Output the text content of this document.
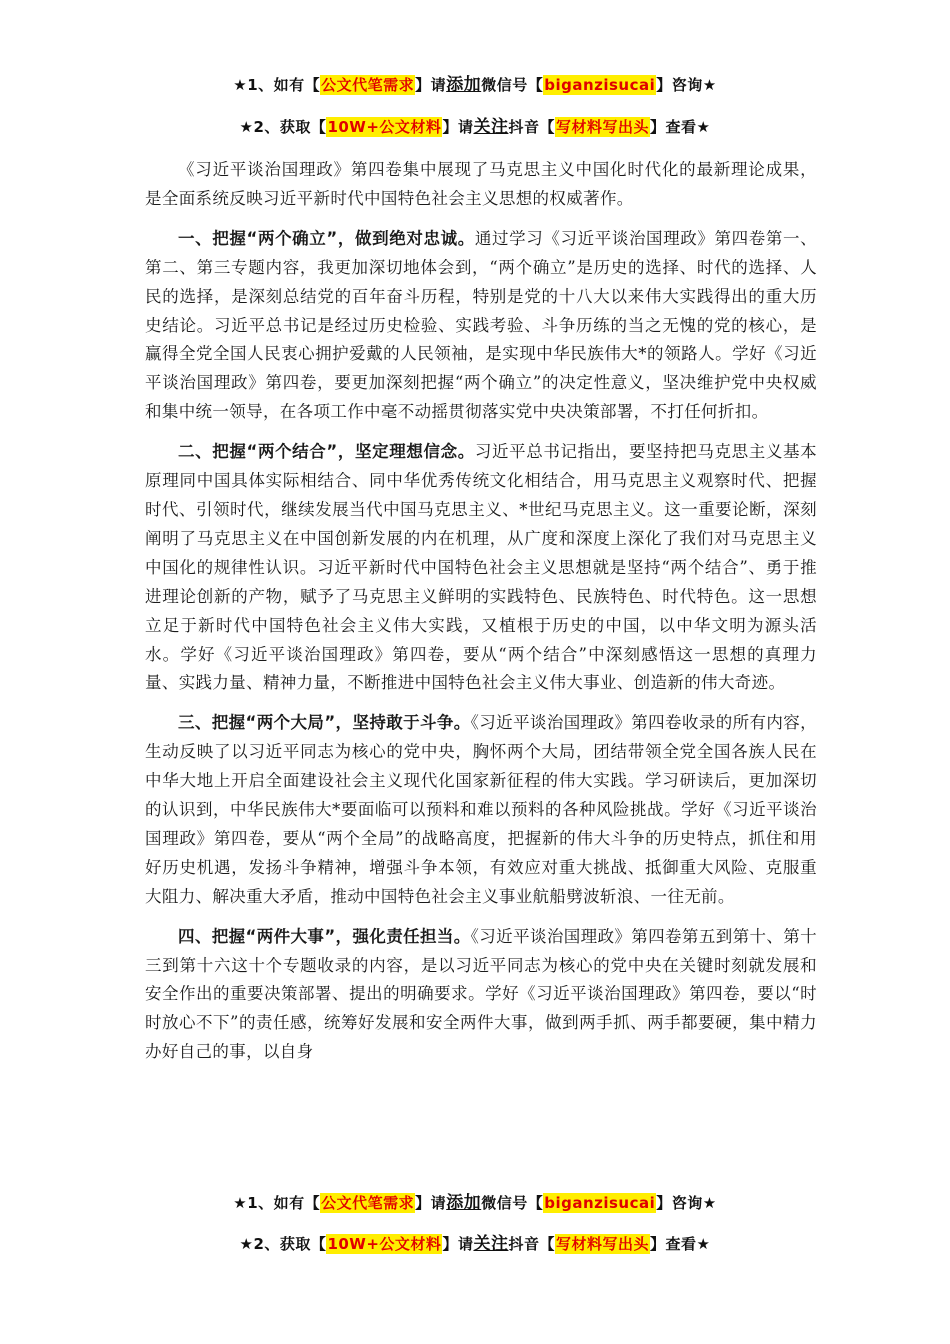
★1、如有【公文代笔需求】请添加微信号【biganzisucai】咨询★
★2、获取【10W+公文材料】请关注抖音【写材料写出头】查看★

《习近平谈治国理政》第四卷集中展现了马克思主义中国化时代化的最新理论成果，是全面系统反映习近平新时代中国特色社会主义思想的权威著作。

一、把握“两个确立”，做到绝对忠诚。通过学习《习近平谈治国理政》第四卷第一、第二、第三专题内容，我更加深切地体会到，“两个确立”是历史的选择、时代的选择、人民的选择，是深刻总结党的百年奋斗历程，特别是党的十八大以来伟大实践得出的重大历史结论。习近平总书记是经过历史检验、实践考验、斗争历练的当之无愧的党的核心，是赢得全党全国人民衷心拥护爱戴的人民领袖，是实现中华民族伟大*的领路人。学好《习近平谈治国理政》第四卷，要更加深刻把握“两个确立”的决定性意义，坚决维护党中央权威和集中统一领导，在各项工作中毫不动摇贯彻落实党中央决策部署，不打任何折扣。

二、把握“两个结合”，坚定理想信念。习近平总书记指出，要坚持把马克思主义基本原理同中国具体实际相结合、同中华优秀传统文化相结合，用马克思主义观察时代、把握时代、引领时代，继续发展当代中国马克思主义、*世纪马克思主义。这一重要论断，深刻阐明了马克思主义在中国创新发展的内在机理，从广度和深度上深化了我们对马克思主义中国化的规律性认识。习近平新时代中国特色社会主义思想就是坚持“两个结合”、勇于推进理论创新的产物，赋予了马克思主义鲜明的实践特色、民族特色、时代特色。这一思想立足于新时代中国特色社会主义伟大实践，又植根于历史的中国，以中华文明为源头活水。学好《习近平谈治国理政》第四卷，要从“两个结合”中深刻感悟这一思想的真理力量、实践力量、精神力量，不断推进中国特色社会主义伟大事业、创造新的伟大奇迹。

三、把握“两个大局”，坚持敢于斗争。《习近平谈治国理政》第四卷收录的所有内容，生动反映了以习近平同志为核心的党中央，胸怀两个大局，团结带领全党全国各族人民在中华大地上开启全面建设社会主义现代化国家新征程的伟大实践。学习研读后，更加深切的认识到，中华民族伟大*要面临可以预料和难以预料的各种风险挑战。学好《习近平谈治国理政》第四卷，要从“两个全局”的战略高度，把握新的伟大斗争的历史特点，抓住和用好历史机遇，发扬斗争精神，增强斗争本领，有效应对重大挑战、抵御重大风险、克服重大阻力、解决重大矛盾，推动中国特色社会主义事业航船劈波斩浪、一往无前。

四、把握“两件大事”，强化责任担当。《习近平谈治国理政》第四卷第五到第十、第十三到第十六这十个专题收录的内容，是以习近平同志为核心的党中央在关键时刻就发展和安全作出的重要决策部署、提出的明确要求。学好《习近平谈治国理政》第四卷，要以“时时放心不下”的责任感，统筹好发展和安全两件大事，做到两手抓、两手都要硬，集中精力办好自己的事，以自身

★1、如有【公文代笔需求】请添加微信号【biganzisucai】咨询★
★2、获取【10W+公文材料】请关注抖音【写材料写出头】查看★
